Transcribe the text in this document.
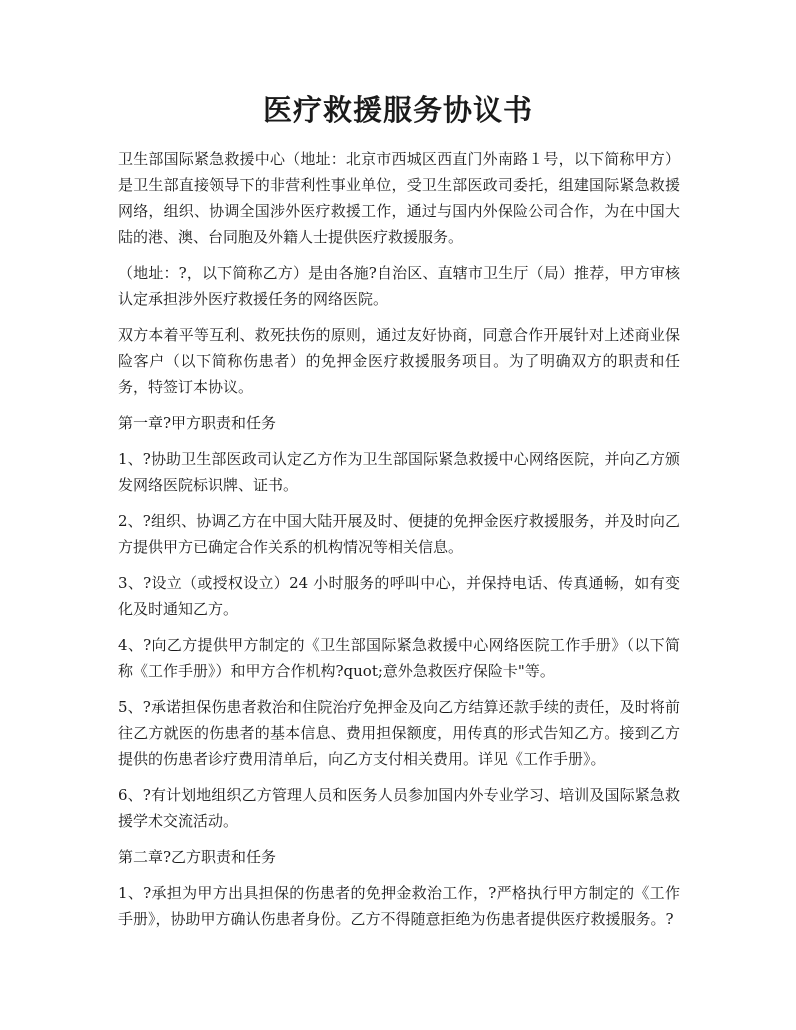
医疗救援服务协议书

卫生部国际紧急救援中心（地址：北京市西城区西直门外南路１号，以下简称甲方）是卫生部直接领导下的非营利性事业单位，受卫生部医政司委托，组建国际紧急救援网络，组织、协调全国涉外医疗救援工作，通过与国内外保险公司合作，为在中国大陆的港、澳、台同胞及外籍人士提供医疗救援服务。

（地址：?，以下简称乙方）是由各施?自治区、直辖市卫生厅（局）推荐，甲方审核认定承担涉外医疗救援任务的网络医院。

双方本着平等互利、救死扶伤的原则，通过友好协商，同意合作开展针对上述商业保险客户（以下简称伤患者）的免押金医疗救援服务项目。为了明确双方的职责和任务，特签订本协议。

第一章?甲方职责和任务

1、?协助卫生部医政司认定乙方作为卫生部国际紧急救援中心网络医院，并向乙方颁发网络医院标识牌、证书。

2、?组织、协调乙方在中国大陆开展及时、便捷的免押金医疗救援服务，并及时向乙方提供甲方已确定合作关系的机构情况等相关信息。

3、?设立（或授权设立）24 小时服务的呼叫中心，并保持电话、传真通畅，如有变化及时通知乙方。

4、?向乙方提供甲方制定的《卫生部国际紧急救援中心网络医院工作手册》（以下简称《工作手册》）和甲方合作机构?quot;意外急救医疗保险卡"等。

5、?承诺担保伤患者救治和住院治疗免押金及向乙方结算还款手续的责任，及时将前往乙方就医的伤患者的基本信息、费用担保额度，用传真的形式告知乙方。接到乙方提供的伤患者诊疗费用清单后，向乙方支付相关费用。详见《工作手册》。

6、?有计划地组织乙方管理人员和医务人员参加国内外专业学习、培训及国际紧急救援学术交流活动。

第二章?乙方职责和任务

1、?承担为甲方出具担保的伤患者的免押金救治工作，?严格执行甲方制定的《工作手册》，协助甲方确认伤患者身份。乙方不得随意拒绝为伤患者提供医疗救援服务。?
